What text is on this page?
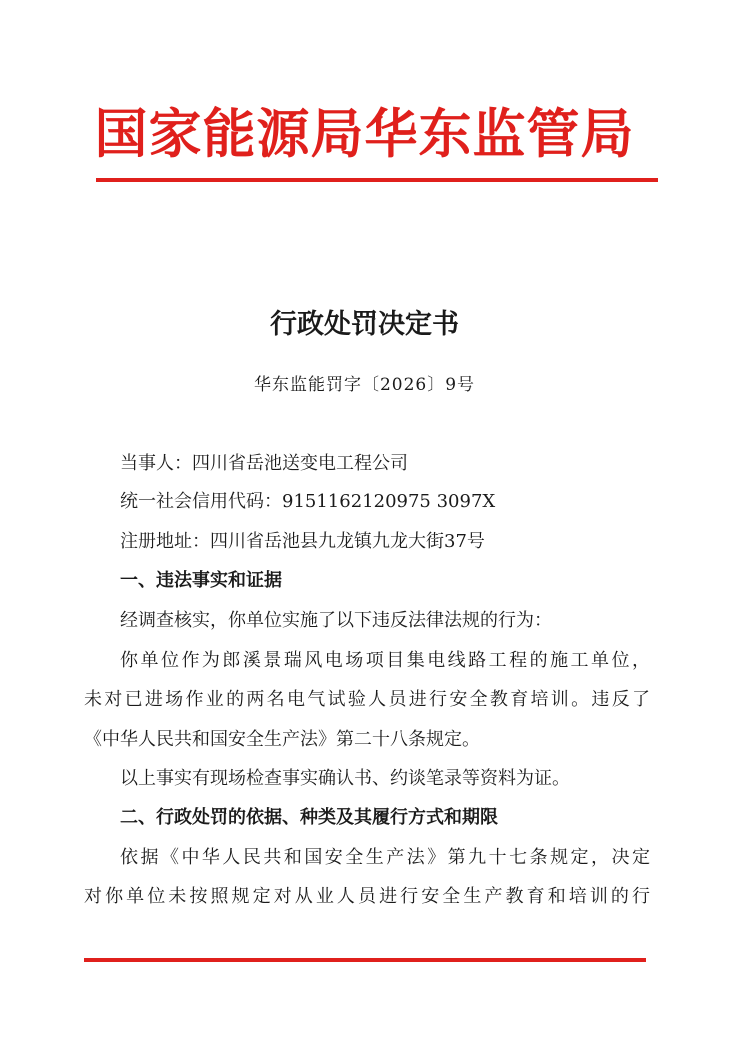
国家能源局华东监管局
行政处罚决定书
华东监能罚字〔2026〕9号
当事人：四川省岳池送变电工程公司
统一社会信用代码：9151162120975 3097X
注册地址：四川省岳池县九龙镇九龙大街37号
一、违法事实和证据
经调查核实，你单位实施了以下违反法律法规的行为：
你单位作为郎溪景瑞风电场项目集电线路工程的施工单位，
未对已进场作业的两名电气试验人员进行安全教育培训。违反了
《中华人民共和国安全生产法》第二十八条规定。
以上事实有现场检查事实确认书、约谈笔录等资料为证。
二、行政处罚的依据、种类及其履行方式和期限
依据《中华人民共和国安全生产法》第九十七条规定，决定
对你单位未按照规定对从业人员进行安全生产教育和培训的行
